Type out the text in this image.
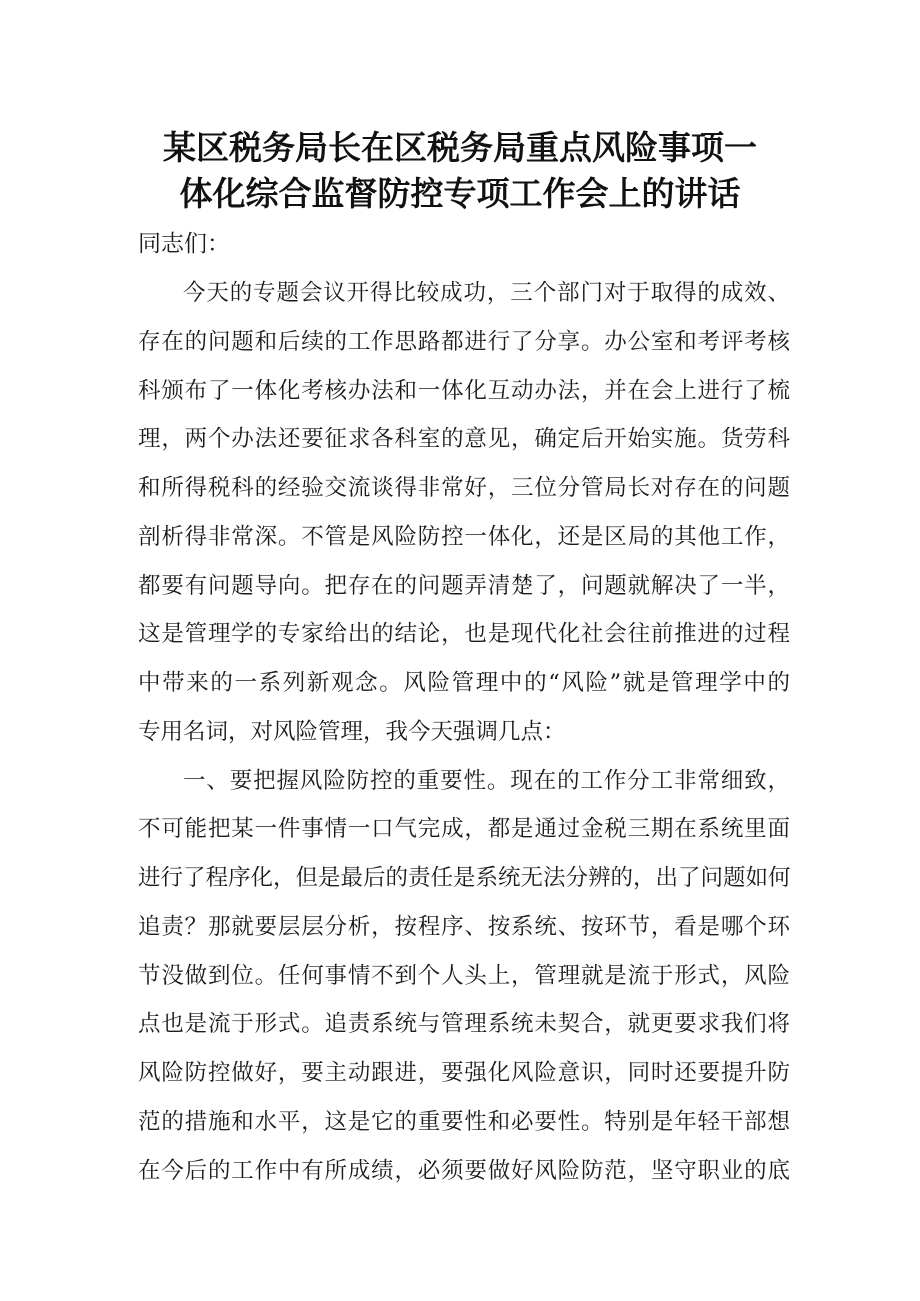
某区税务局长在区税务局重点风险事项一
体化综合监督防控专项工作会上的讲话
同志们：
今天的专题会议开得比较成功，三个部门对于取得的成效、
存在的问题和后续的工作思路都进行了分享。办公室和考评考核
科颁布了一体化考核办法和一体化互动办法，并在会上进行了梳
理，两个办法还要征求各科室的意见，确定后开始实施。货劳科
和所得税科的经验交流谈得非常好，三位分管局长对存在的问题
剖析得非常深。不管是风险防控一体化，还是区局的其他工作，
都要有问题导向。把存在的问题弄清楚了，问题就解决了一半，
这是管理学的专家给出的结论，也是现代化社会往前推进的过程
中带来的一系列新观念。风险管理中的“风险”就是管理学中的
专用名词，对风险管理，我今天强调几点：
一、要把握风险防控的重要性。现在的工作分工非常细致，
不可能把某一件事情一口气完成，都是通过金税三期在系统里面
进行了程序化，但是最后的责任是系统无法分辨的，出了问题如何
追责？那就要层层分析，按程序、按系统、按环节，看是哪个环
节没做到位。任何事情不到个人头上，管理就是流于形式，风险
点也是流于形式。追责系统与管理系统未契合，就更要求我们将
风险防控做好，要主动跟进，要强化风险意识，同时还要提升防
范的措施和水平，这是它的重要性和必要性。特别是年轻干部想
在今后的工作中有所成绩，必须要做好风险防范，坚守职业的底
